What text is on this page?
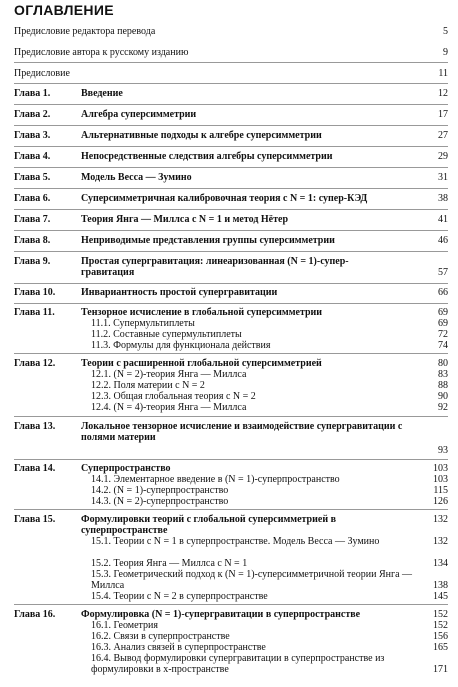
ОГЛАВЛЕНИЕ
Предисловие редактора перевода	5
Предисловие автора к русскому изданию	9
Предисловие	11
Глава 1.	Введение	12
Глава 2.	Алгебра суперсимметрии	17
Глава 3.	Альтернативные подходы к алгебре суперсимметрии	27
Глава 4.	Непосредственные следствия алгебры суперсимметрии	29
Глава 5.	Модель Весса — Зумино	31
Глава 6.	Суперсимметричная калибровочная теория с N = 1: супер-КЭД	38
Глава 7.	Теория Янга — Миллса с N = 1 и метод Нётер	41
Глава 8.	Неприводимые представления группы суперсимметрии	46
Глава 9.	Простая супергравитация: линеаризованная (N = 1)-супер-
гравитация	57
Глава 10.	Инвариантность простой супергравитации	66
Глава 11.	Тензорное исчисление в глобальной суперсимметрии	69
11.1. Супермультиплеты	69
11.2. Составные супермультиплеты	72
11.3. Формулы для функционала действия	74
Глава 12.	Теории с расширенной глобальной суперсимметрией	80
12.1. (N = 2)-теория Янга — Миллса	83
12.2. Поля материи с N = 2	88
12.3. Общая глобальная теория с N = 2	90
12.4. (N = 4)-теория Янга — Миллса	92
Глава 13.	Локальное тензорное исчисление и взаимодействие супергравитации с полями материи
93
Глава 14.	Суперпространство	103
14.1. Элементарное введение в (N = 1)-суперпространство	103
14.2. (N = 1)-суперпространство	115
14.3. (N = 2)-суперпространство	126
Глава 15.	Формулировки теорий с глобальной суперсимметрией в суперпространстве
132
15.1. Теории с N = 1 в суперпространстве. Модель Весса — Зумино	132
15.2. Теория Янга — Миллса с N = 1	134
15.3. Геометрический подход к (N = 1)-суперсимметричной теории Янга — Миллса	138
15.4. Теории с N = 2 в суперпространстве	145
Глава 16.	Формулировка (N = 1)-супергравитации в суперпространстве	152
16.1. Геометрия	152
16.2. Связи в суперпространстве	156
16.3. Анализ связей в суперпространстве	165
16.4. Вывод формулировки супергравитации в суперпространстве из формулировки в x-пространстве	171
